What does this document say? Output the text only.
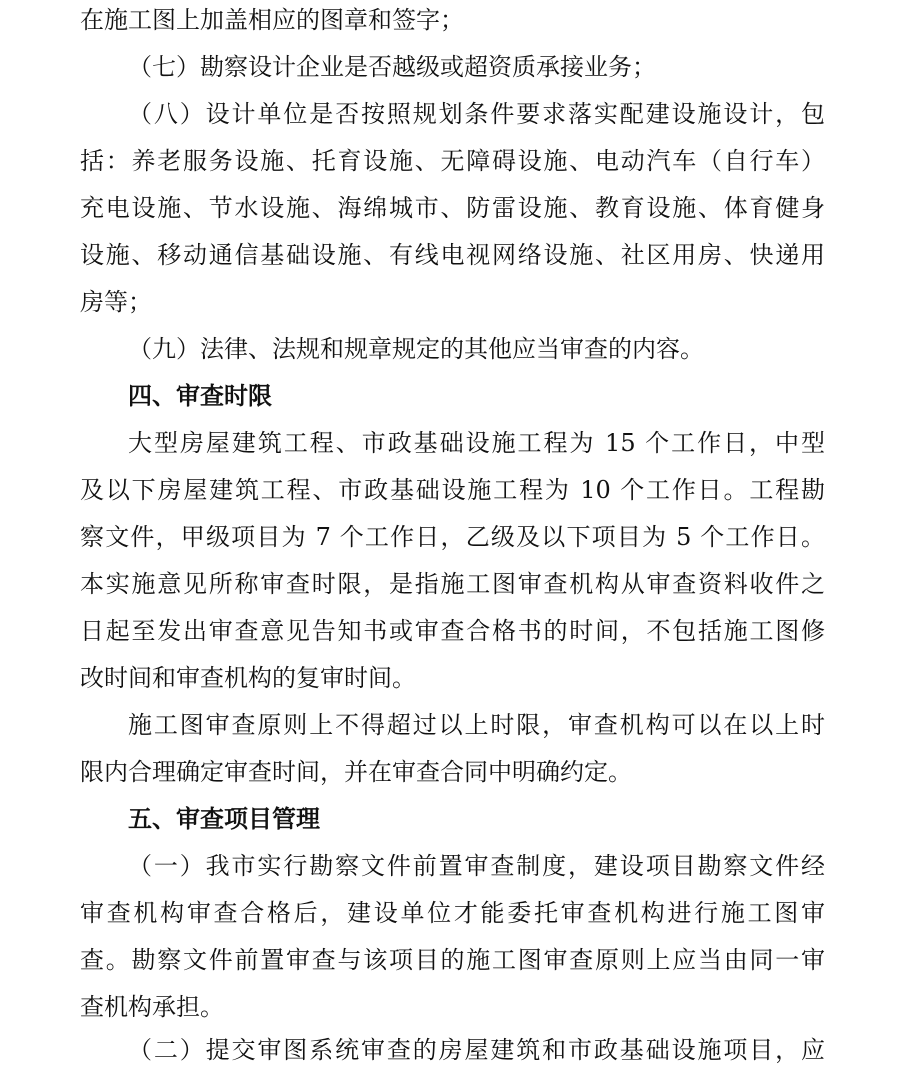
在施工图上加盖相应的图章和签字；
（七）勘察设计企业是否越级或超资质承接业务；
（八）设计单位是否按照规划条件要求落实配建设施设计，包
括：养老服务设施、托育设施、无障碍设施、电动汽车（自行车）
充电设施、节水设施、海绵城市、防雷设施、教育设施、体育健身
设施、移动通信基础设施、有线电视网络设施、社区用房、快递用
房等；
（九）法律、法规和规章规定的其他应当审查的内容。
四、审查时限
大型房屋建筑工程、市政基础设施工程为 15 个工作日，中型
及以下房屋建筑工程、市政基础设施工程为 10 个工作日。工程勘
察文件，甲级项目为 7 个工作日，乙级及以下项目为 5 个工作日。
本实施意见所称审查时限，是指施工图审查机构从审查资料收件之
日起至发出审查意见告知书或审查合格书的时间，不包括施工图修
改时间和审查机构的复审时间。
施工图审查原则上不得超过以上时限，审查机构可以在以上时
限内合理确定审查时间，并在审查合同中明确约定。
五、审查项目管理
（一）我市实行勘察文件前置审查制度，建设项目勘察文件经
审查机构审查合格后，建设单位才能委托审查机构进行施工图审
查。勘察文件前置审查与该项目的施工图审查原则上应当由同一审
查机构承担。
（二）提交审图系统审查的房屋建筑和市政基础设施项目，应
